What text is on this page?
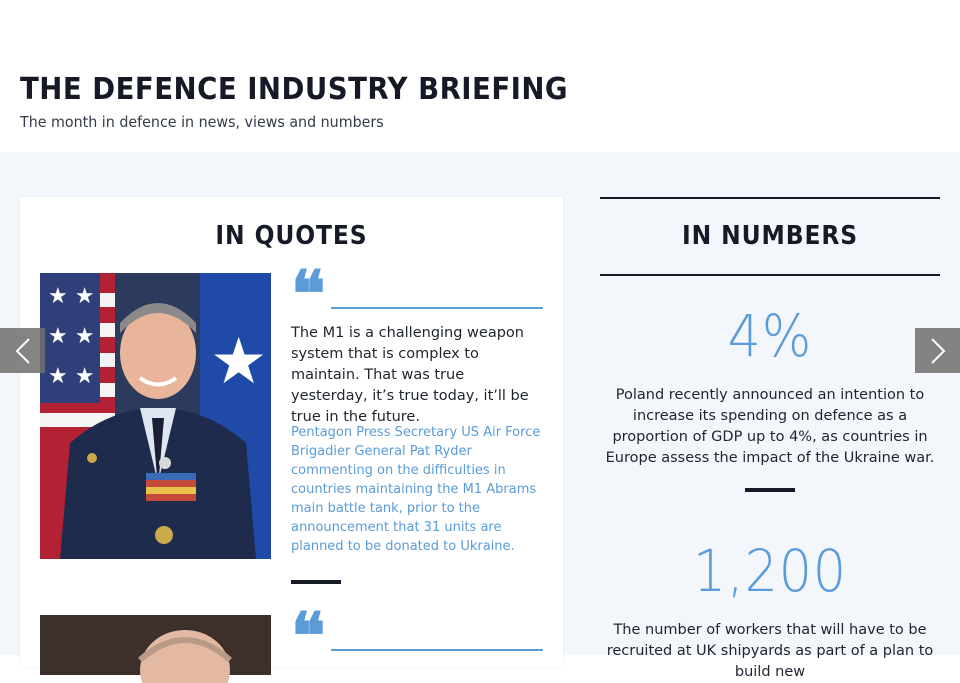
THE DEFENCE INDUSTRY BRIEFING

The month in defence in news, views and numbers

IN QUOTES
★ ★
★ ★
★ ★ ★
❝

The M1 is a challenging weapon system that is complex to maintain. That was true yesterday, it’s true today, it’ll be true in the future.

Pentagon Press Secretary US Air Force Brigadier General Pat Ryder commenting on the difficulties in countries maintaining the M1 Abrams main battle tank, prior to the announcement that 31 units are planned to be donated to Ukraine.

❝
IN NUMBERS
4%

Poland recently announced an intention to increase its spending on defence as a proportion of GDP up to 4%, as countries in Europe assess the impact of the Ukraine war.

1,200

The number of workers that will have to be recruited at UK shipyards as part of a plan to build new
